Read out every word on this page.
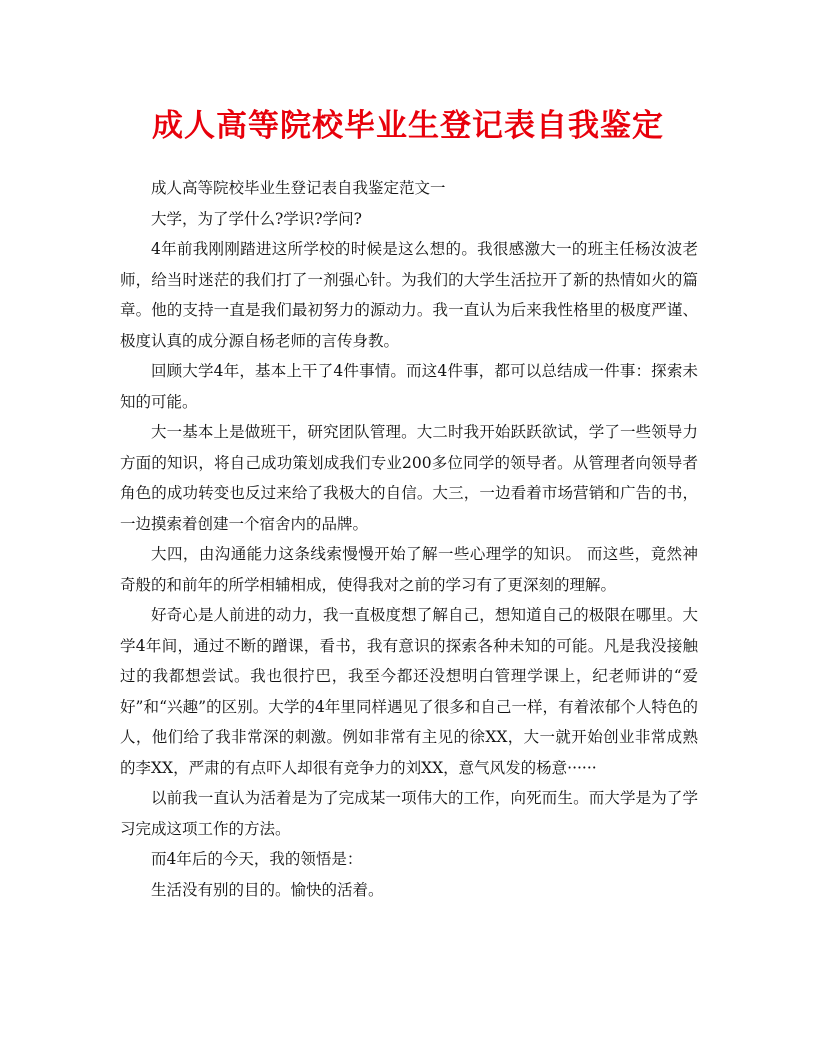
成人高等院校毕业生登记表自我鉴定

成人高等院校毕业生登记表自我鉴定范文一

大学，为了学什么?学识?学问?

4年前我刚刚踏进这所学校的时候是这么想的。我很感激大一的班主任杨汝波老师，给当时迷茫的我们打了一剂强心针。为我们的大学生活拉开了新的热情如火的篇章。他的支持一直是我们最初努力的源动力。我一直认为后来我性格里的极度严谨、极度认真的成分源自杨老师的言传身教。

回顾大学4年，基本上干了4件事情。而这4件事，都可以总结成一件事：探索未知的可能。

大一基本上是做班干，研究团队管理。大二时我开始跃跃欲试，学了一些领导力方面的知识，将自己成功策划成我们专业200多位同学的领导者。从管理者向领导者角色的成功转变也反过来给了我极大的自信。大三，一边看着市场营销和广告的书，一边摸索着创建一个宿舍内的品牌。

大四，由沟通能力这条线索慢慢开始了解一些心理学的知识。 而这些，竟然神奇般的和前年的所学相辅相成，使得我对之前的学习有了更深刻的理解。

好奇心是人前进的动力，我一直极度想了解自己，想知道自己的极限在哪里。大学4年间，通过不断的蹭课，看书，我有意识的探索各种未知的可能。凡是我没接触过的我都想尝试。我也很拧巴，我至今都还没想明白管理学课上，纪老师讲的“爱好”和“兴趣”的区别。大学的4年里同样遇见了很多和自己一样，有着浓郁个人特色的人，他们给了我非常深的刺激。例如非常有主见的徐XX，大一就开始创业非常成熟的李XX，严肃的有点吓人却很有竞争力的刘XX，意气风发的杨意······

以前我一直认为活着是为了完成某一项伟大的工作，向死而生。而大学是为了学习完成这项工作的方法。

而4年后的今天，我的领悟是：

生活没有别的目的。愉快的活着。
